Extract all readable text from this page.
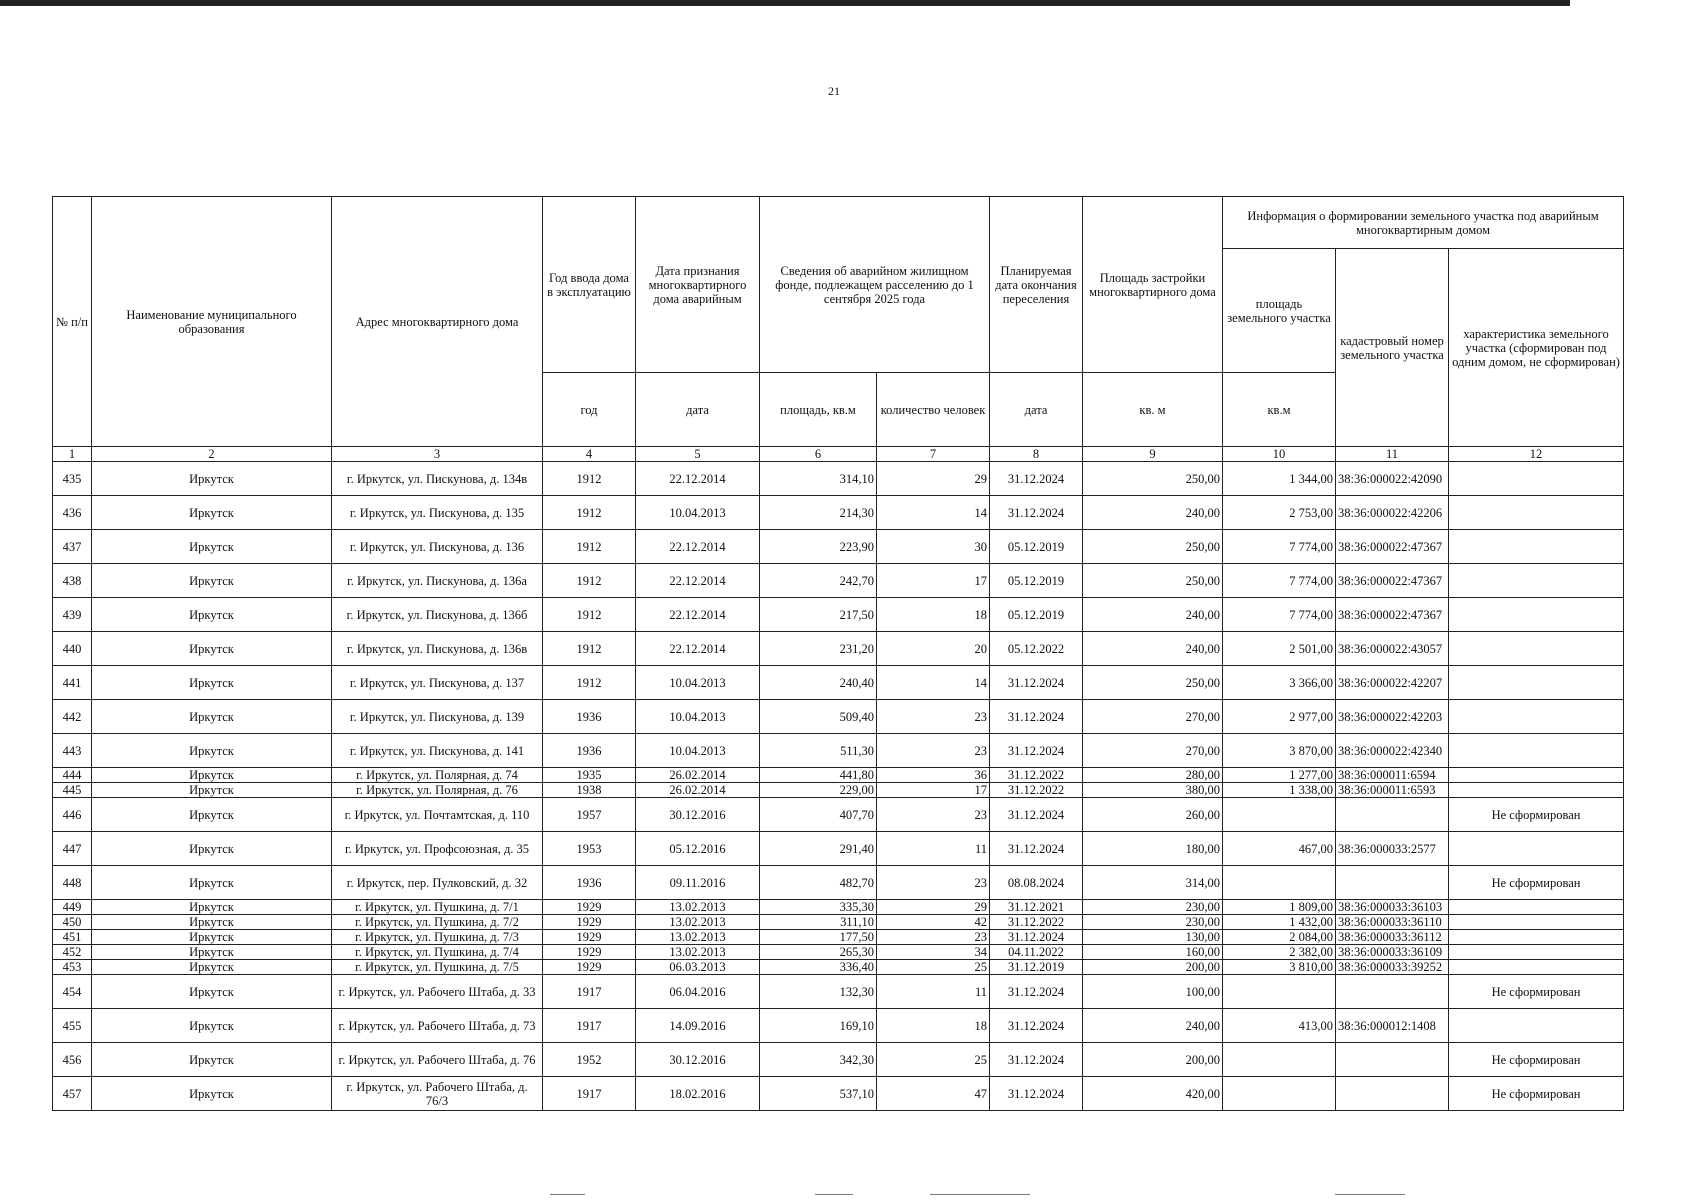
21
№ п/п	Наименование муниципального образования	Адрес многоквартирного дома	Год ввода дома в эксплуатацию	Дата признания многоквартирного дома аварийным	Сведения об аварийном жилищном фонде, подлежащем расселению до 1 сентября 2025 года		Планируемая дата окончания переселения	Площадь застройки многоквартирного дома	Информация о формировании земельного участка под аварийным многоквартирным домом		
									площадь земельного участка	кадастровый номер земельного участка	характеристика земельного участка (сформирован под одним домом, не сформирован)
			год	дата	площадь, кв.м	количество человек	дата	кв. м	кв.м		
1	2	3	4	5	6	7	8	9	10	11	12
435	Иркутск	г. Иркутск, ул. Пискунова, д. 134в	1912	22.12.2014	314,10	29	31.12.2024	250,00	1 344,00	38:36:000022:42090	
436	Иркутск	г. Иркутск, ул. Пискунова, д. 135	1912	10.04.2013	214,30	14	31.12.2024	240,00	2 753,00	38:36:000022:42206	
437	Иркутск	г. Иркутск, ул. Пискунова, д. 136	1912	22.12.2014	223,90	30	05.12.2019	250,00	7 774,00	38:36:000022:47367	
438	Иркутск	г. Иркутск, ул. Пискунова, д. 136а	1912	22.12.2014	242,70	17	05.12.2019	250,00	7 774,00	38:36:000022:47367	
439	Иркутск	г. Иркутск, ул. Пискунова, д. 136б	1912	22.12.2014	217,50	18	05.12.2019	240,00	7 774,00	38:36:000022:47367	
440	Иркутск	г. Иркутск, ул. Пискунова, д. 136в	1912	22.12.2014	231,20	20	05.12.2022	240,00	2 501,00	38:36:000022:43057	
441	Иркутск	г. Иркутск, ул. Пискунова, д. 137	1912	10.04.2013	240,40	14	31.12.2024	250,00	3 366,00	38:36:000022:42207	
442	Иркутск	г. Иркутск, ул. Пискунова, д. 139	1936	10.04.2013	509,40	23	31.12.2024	270,00	2 977,00	38:36:000022:42203	
443	Иркутск	г. Иркутск, ул. Пискунова, д. 141	1936	10.04.2013	511,30	23	31.12.2024	270,00	3 870,00	38:36:000022:42340	
444	Иркутск	г. Иркутск, ул. Полярная, д. 74	1935	26.02.2014	441,80	36	31.12.2022	280,00	1 277,00	38:36:000011:6594	
445	Иркутск	г. Иркутск, ул. Полярная, д. 76	1938	26.02.2014	229,00	17	31.12.2022	380,00	1 338,00	38:36:000011:6593	
446	Иркутск	г. Иркутск, ул. Почтамтская, д. 110	1957	30.12.2016	407,70	23	31.12.2024	260,00			Не сформирован
447	Иркутск	г. Иркутск, ул. Профсоюзная, д. 35	1953	05.12.2016	291,40	11	31.12.2024	180,00	467,00	38:36:000033:2577	
448	Иркутск	г. Иркутск, пер. Пулковский, д. 32	1936	09.11.2016	482,70	23	08.08.2024	314,00			Не сформирован
449	Иркутск	г. Иркутск, ул. Пушкина, д. 7/1	1929	13.02.2013	335,30	29	31.12.2021	230,00	1 809,00	38:36:000033:36103	
450	Иркутск	г. Иркутск, ул. Пушкина, д. 7/2	1929	13.02.2013	311,10	42	31.12.2022	230,00	1 432,00	38:36:000033:36110	
451	Иркутск	г. Иркутск, ул. Пушкина, д. 7/3	1929	13.02.2013	177,50	23	31.12.2024	130,00	2 084,00	38:36:000033:36112	
452	Иркутск	г. Иркутск, ул. Пушкина, д. 7/4	1929	13.02.2013	265,30	34	04.11.2022	160,00	2 382,00	38:36:000033:36109	
453	Иркутск	г. Иркутск, ул. Пушкина, д. 7/5	1929	06.03.2013	336,40	25	31.12.2019	200,00	3 810,00	38:36:000033:39252	
454	Иркутск	г. Иркутск, ул. Рабочего Штаба, д. 33	1917	06.04.2016	132,30	11	31.12.2024	100,00			Не сформирован
455	Иркутск	г. Иркутск, ул. Рабочего Штаба, д. 73	1917	14.09.2016	169,10	18	31.12.2024	240,00	413,00	38:36:000012:1408	
456	Иркутск	г. Иркутск, ул. Рабочего Штаба, д. 76	1952	30.12.2016	342,30	25	31.12.2024	200,00			Не сформирован
457	Иркутск	г. Иркутск, ул. Рабочего Штаба, д. 76/3	1917	18.02.2016	537,10	47	31.12.2024	420,00			Не сформирован
